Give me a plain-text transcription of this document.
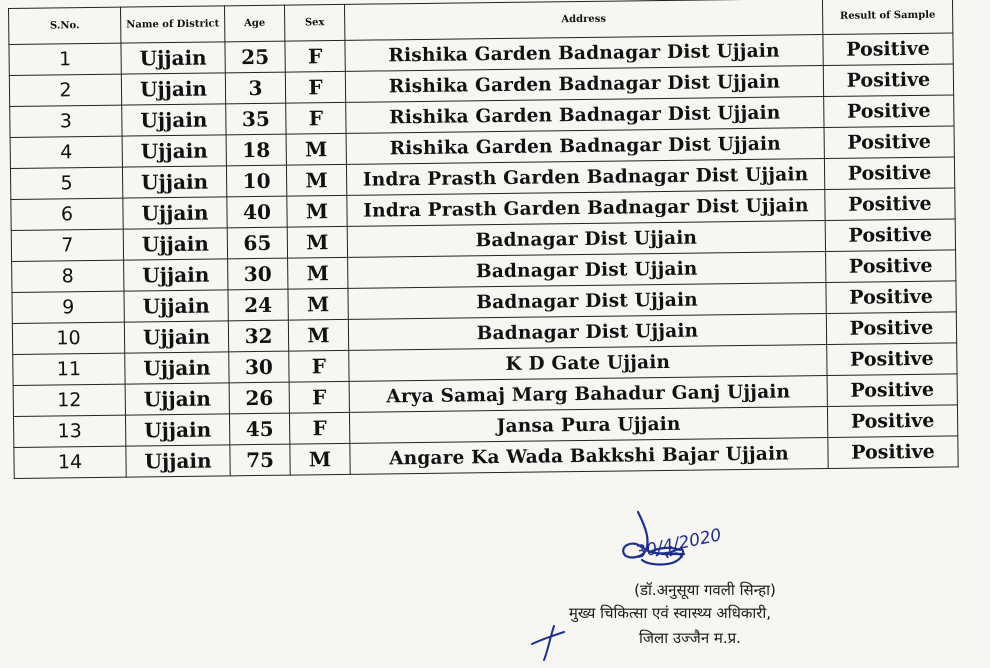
S.No.	Name of District	Age	Sex	Address	Result of Sample
1	Ujjain	25	F	Rishika Garden Badnagar Dist Ujjain	Positive
2	Ujjain	3	F	Rishika Garden Badnagar Dist Ujjain	Positive
3	Ujjain	35	F	Rishika Garden Badnagar Dist Ujjain	Positive
4	Ujjain	18	M	Rishika Garden Badnagar Dist Ujjain	Positive
5	Ujjain	10	M	Indra Prasth Garden Badnagar Dist Ujjain	Positive
6	Ujjain	40	M	Indra Prasth Garden Badnagar Dist Ujjain	Positive
7	Ujjain	65	M	Badnagar Dist Ujjain	Positive
8	Ujjain	30	M	Badnagar Dist Ujjain	Positive
9	Ujjain	24	M	Badnagar Dist Ujjain	Positive
10	Ujjain	32	M	Badnagar Dist Ujjain	Positive
11	Ujjain	30	F	K D Gate Ujjain	Positive
12	Ujjain	26	F	Arya Samaj Marg Bahadur Ganj Ujjain	Positive
13	Ujjain	45	F	Jansa Pura Ujjain	Positive
14	Ujjain	75	M	Angare Ka Wada Bakkshi Bajar Ujjain	Positive
30/4/2020
(डॉ.अनुसूया गवली सिन्हा)
मुख्य चिकित्सा एवं स्वास्थ्य अधिकारी,
जिला उज्जैन म.प्र.
